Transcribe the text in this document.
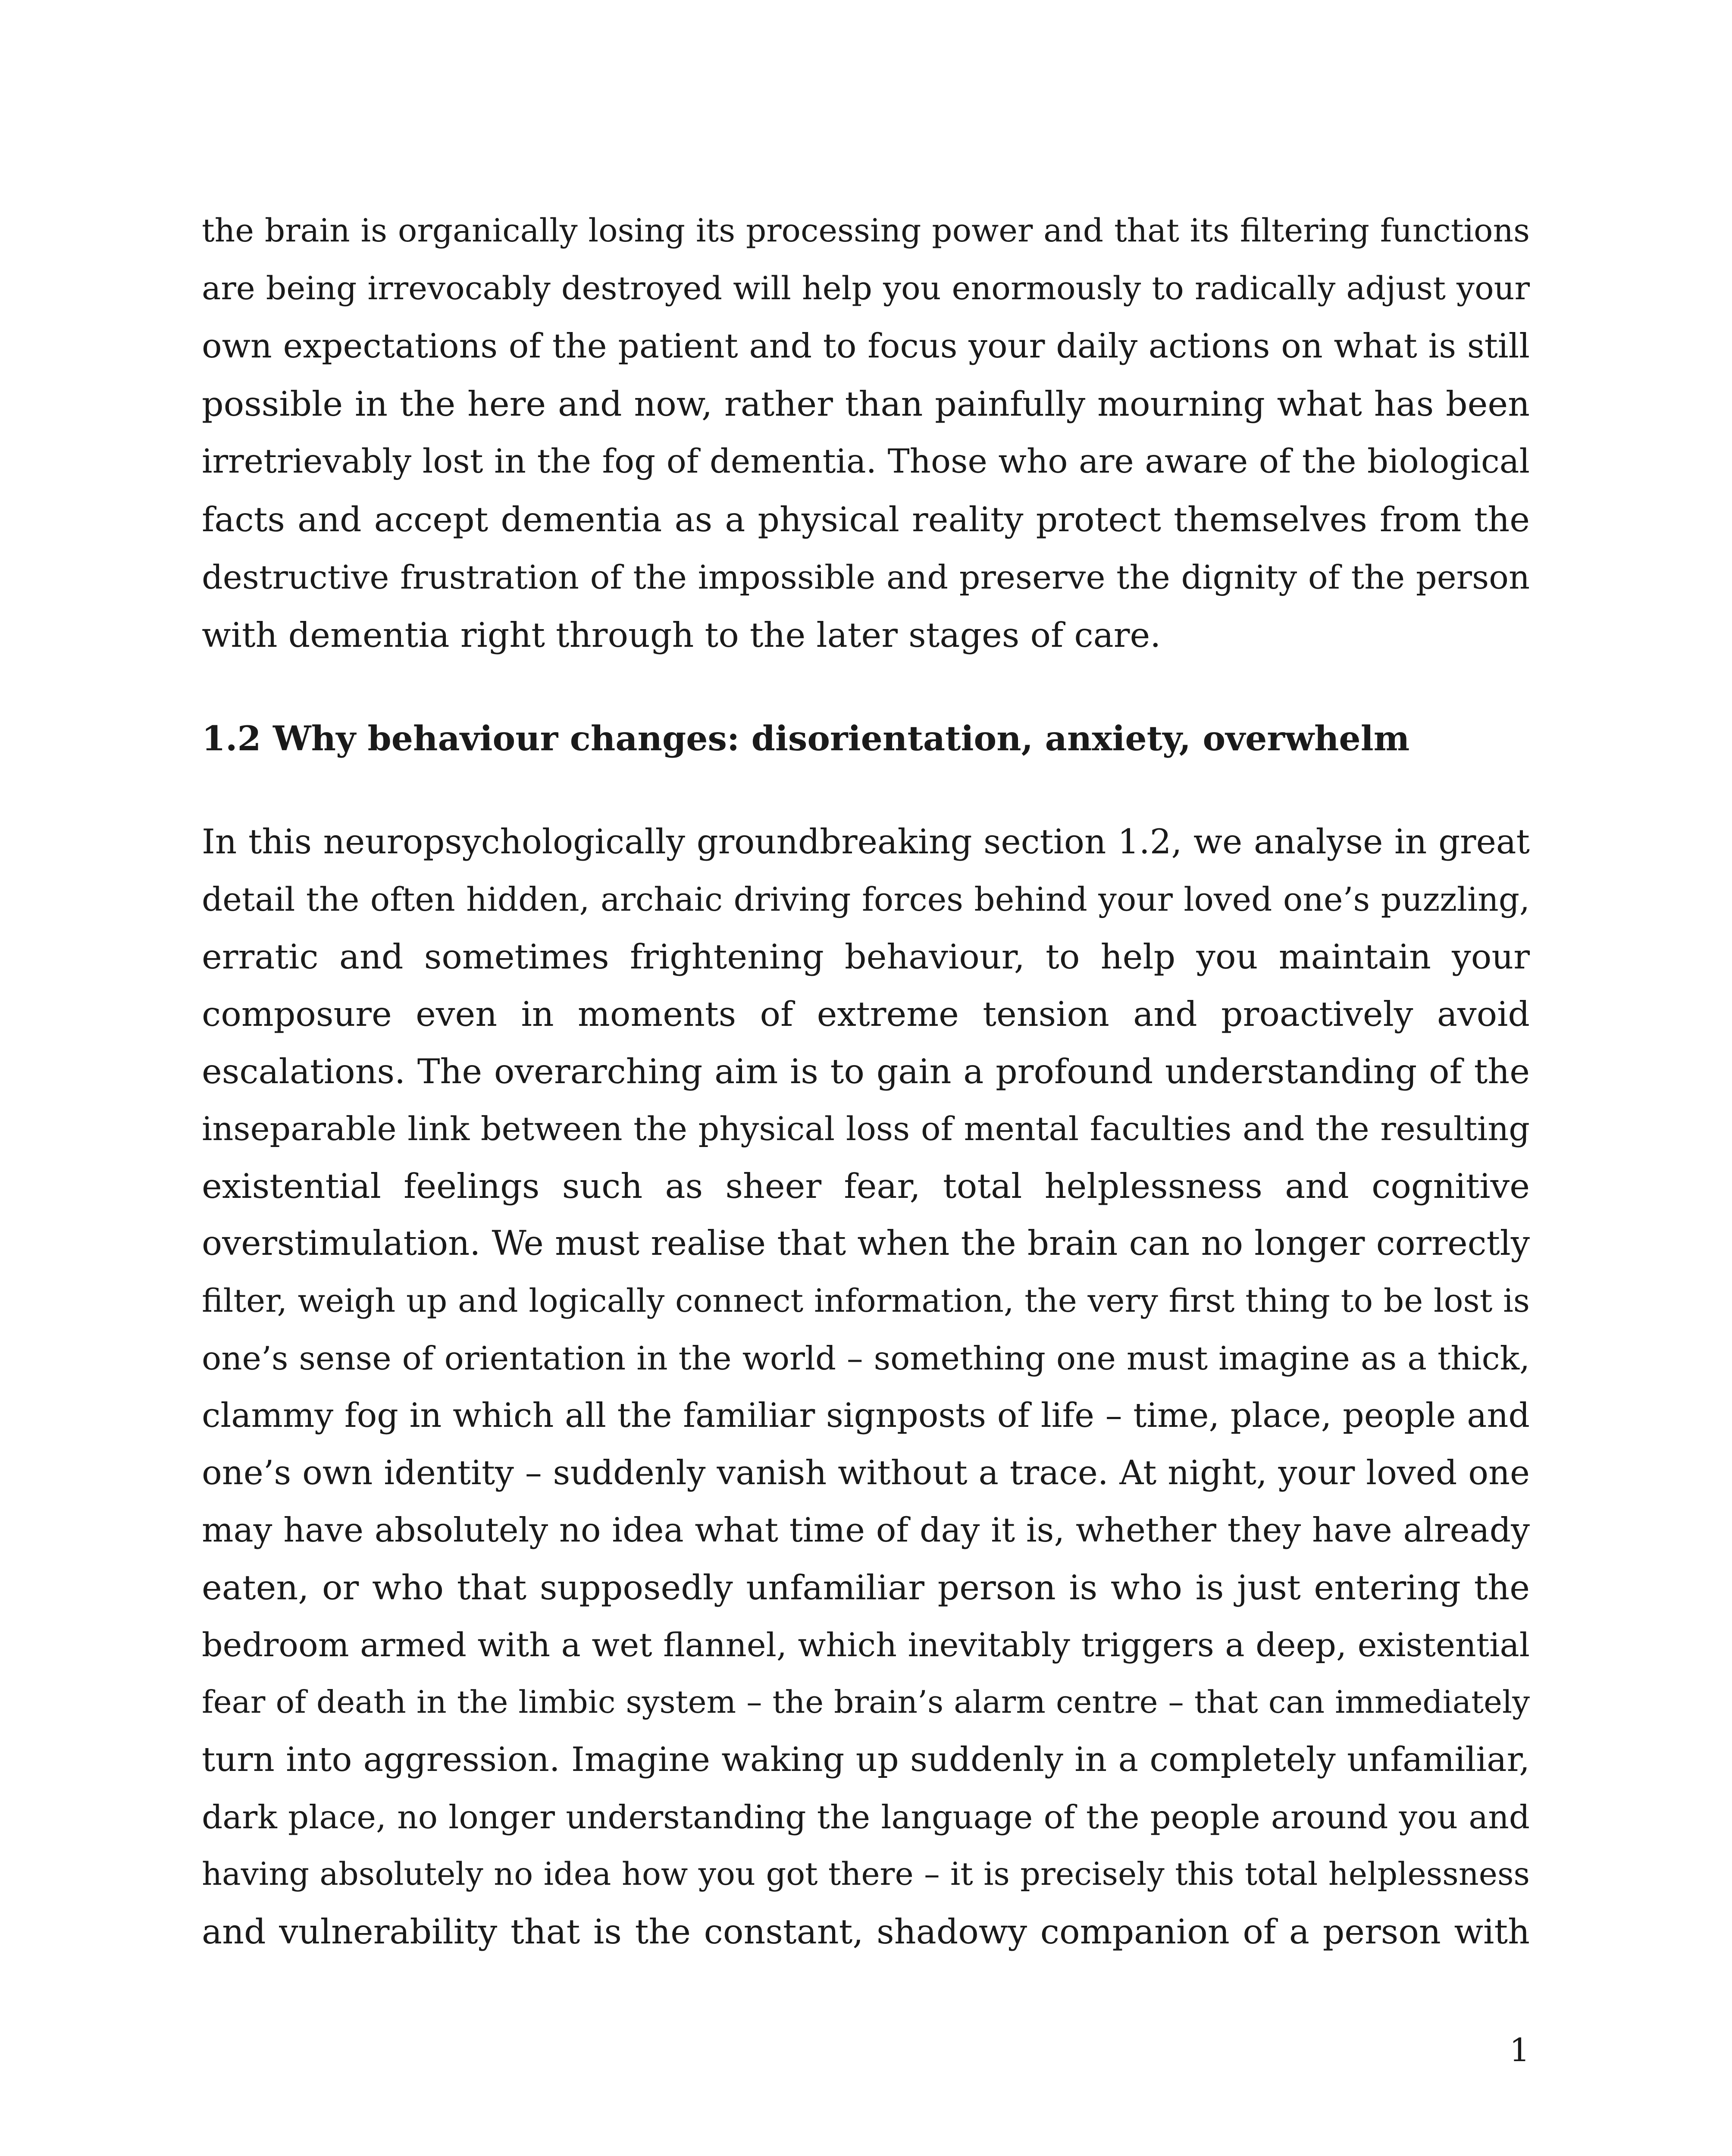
the brain is organically losing its processing power and that its filtering functions
are being irrevocably destroyed will help you enormously to radically adjust your
own expectations of the patient and to focus your daily actions on what is still
possible in the here and now, rather than painfully mourning what has been
irretrievably lost in the fog of dementia. Those who are aware of the biological
facts and accept dementia as a physical reality protect themselves from the
destructive frustration of the impossible and preserve the dignity of the person
with dementia right through to the later stages of care.
1.2 Why behaviour changes: disorientation, anxiety, overwhelm
In this neuropsychologically groundbreaking section 1.2, we analyse in great
detail the often hidden, archaic driving forces behind your loved one’s puzzling,
erratic and sometimes frightening behaviour, to help you maintain your
composure even in moments of extreme tension and proactively avoid
escalations. The overarching aim is to gain a profound understanding of the
inseparable link between the physical loss of mental faculties and the resulting
existential feelings such as sheer fear, total helplessness and cognitive
overstimulation. We must realise that when the brain can no longer correctly
filter, weigh up and logically connect information, the very first thing to be lost is
one’s sense of orientation in the world – something one must imagine as a thick,
clammy fog in which all the familiar signposts of life – time, place, people and
one’s own identity – suddenly vanish without a trace. At night, your loved one
may have absolutely no idea what time of day it is, whether they have already
eaten, or who that supposedly unfamiliar person is who is just entering the
bedroom armed with a wet flannel, which inevitably triggers a deep, existential
fear of death in the limbic system – the brain’s alarm centre – that can immediately
turn into aggression. Imagine waking up suddenly in a completely unfamiliar,
dark place, no longer understanding the language of the people around you and
having absolutely no idea how you got there – it is precisely this total helplessness
and vulnerability that is the constant, shadowy companion of a person with
1
